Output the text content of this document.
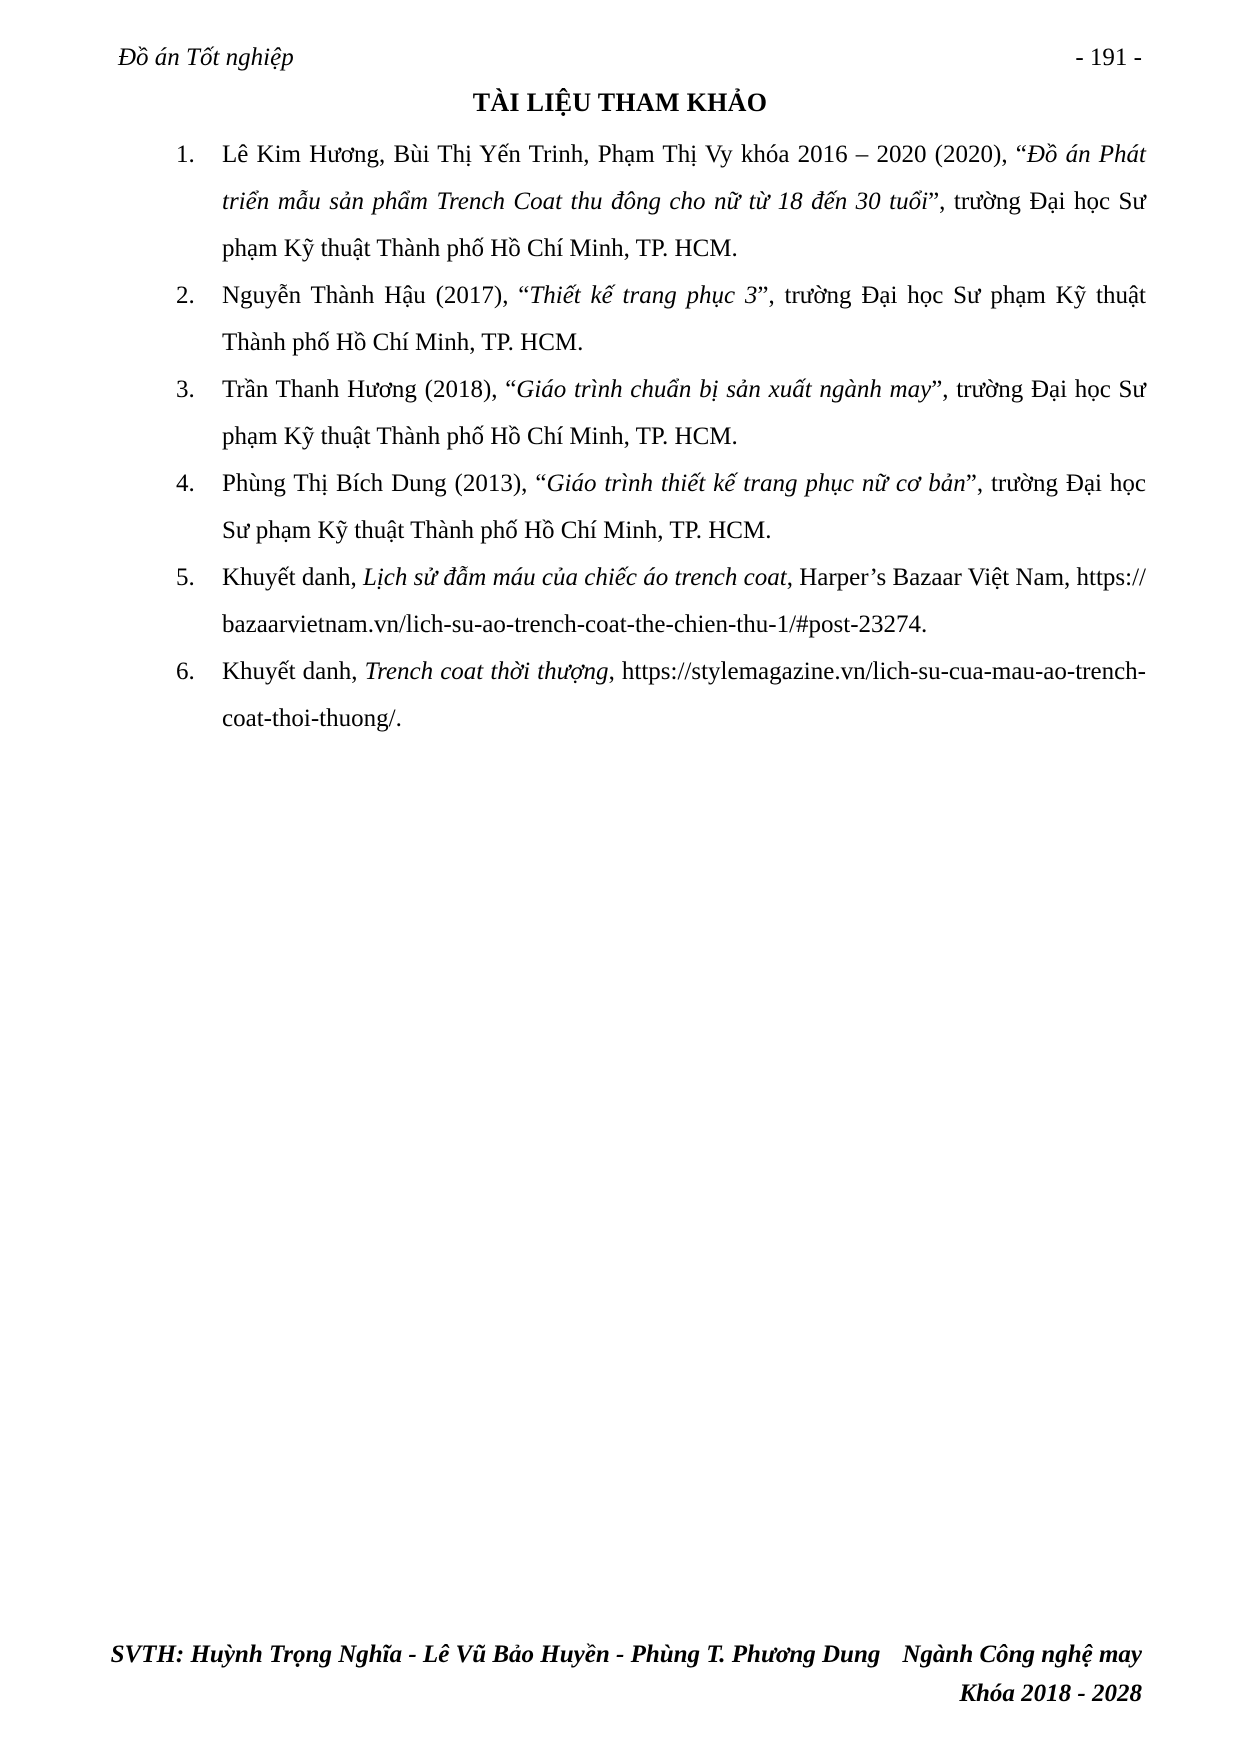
Đồ án Tốt nghiệp	- 191 -
TÀI LIỆU THAM KHẢO
1. Lê Kim Hương, Bùi Thị Yến Trinh, Phạm Thị Vy khóa 2016 – 2020 (2020), “Đồ án Phát triển mẫu sản phẩm Trench Coat thu đông cho nữ từ 18 đến 30 tuổi”, trường Đại học Sư phạm Kỹ thuật Thành phố Hồ Chí Minh, TP. HCM.
2. Nguyễn Thành Hậu (2017), “Thiết kế trang phục 3”, trường Đại học Sư phạm Kỹ thuật Thành phố Hồ Chí Minh, TP. HCM.
3. Trần Thanh Hương (2018), “Giáo trình chuẩn bị sản xuất ngành may”, trường Đại học Sư phạm Kỹ thuật Thành phố Hồ Chí Minh, TP. HCM.
4. Phùng Thị Bích Dung (2013), “Giáo trình thiết kế trang phục nữ cơ bản”, trường Đại học Sư phạm Kỹ thuật Thành phố Hồ Chí Minh, TP. HCM.
5. Khuyết danh, Lịch sử đẫm máu của chiếc áo trench coat, Harper’s Bazaar Việt Nam, https://bazaarvietnam.vn/lich-su-ao-trench-coat-the-chien-thu-1/#post-23274.
6. Khuyết danh, Trench coat thời thượng, https://stylemagazine.vn/lich-su-cua-mau-ao-trench-coat-thoi-thuong/.
SVTH: Huỳnh Trọng Nghĩa - Lê Vũ Bảo Huyền - Phùng T. Phương Dung Ngành Công nghệ may
Khóa 2018 - 2028
